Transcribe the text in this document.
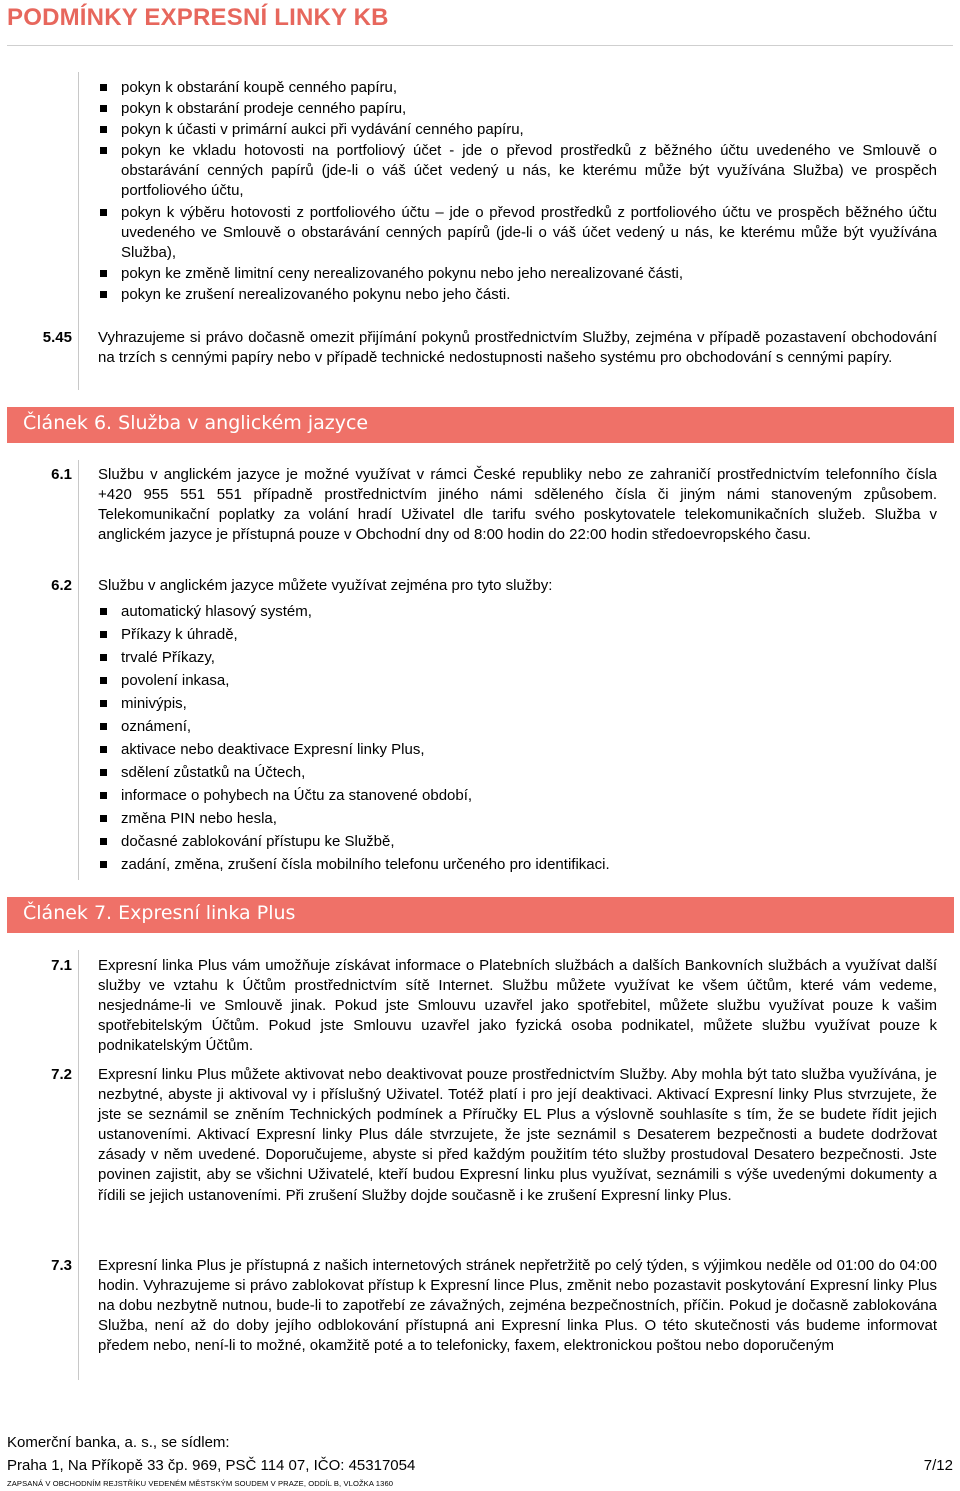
PODMÍNKY EXPRESNÍ LINKY KB
pokyn k obstarání koupě cenného papíru,
pokyn k obstarání prodeje cenného papíru,
pokyn k účasti v primární aukci při vydávání cenného papíru,
pokyn ke vkladu hotovosti na portfoliový účet - jde o převod prostředků z běžného účtu uvedeného ve Smlouvě o obstarávání cenných papírů (jde-li o váš účet vedený u nás, ke kterému může být využívána Služba) ve prospěch portfoliového účtu,
pokyn k výběru hotovosti z portfoliového účtu – jde o převod prostředků z portfoliového účtu ve prospěch běžného účtu uvedeného ve Smlouvě o obstarávání cenných papírů (jde-li o váš účet vedený u nás, ke kterému může být využívána Služba),
pokyn ke změně limitní ceny nerealizovaného pokynu nebo jeho nerealizované části,
pokyn ke zrušení nerealizovaného pokynu nebo jeho části.
5.45 Vyhrazujeme si právo dočasně omezit přijímání pokynů prostřednictvím Služby, zejména v případě pozastavení obchodování na trzích s cennými papíry nebo v případě technické nedostupnosti našeho systému pro obchodování s cennými papíry.
Článek 6. Služba v anglickém jazyce
6.1 Službu v anglickém jazyce je možné využívat v rámci České republiky nebo ze zahraničí prostřednictvím telefonního čísla +420 955 551 551 případně prostřednictvím jiného námi sděleného čísla či jiným námi stanoveným způsobem. Telekomunikační poplatky za volání hradí Uživatel dle tarifu svého poskytovatele telekomunikačních služeb. Služba v anglickém jazyce je přístupná pouze v Obchodní dny od 8:00 hodin do 22:00 hodin středoevropského času.
6.2 Službu v anglickém jazyce můžete využívat zejména pro tyto služby:
automatický hlasový systém,
Příkazy k úhradě,
trvalé Příkazy,
povolení inkasa,
minivýpis,
oznámení,
aktivace nebo deaktivace Expresní linky Plus,
sdělení zůstatků na Účtech,
informace o pohybech na Účtu za stanovené období,
změna PIN nebo hesla,
dočasné zablokování přístupu ke Službě,
zadání, změna, zrušení čísla mobilního telefonu určeného pro identifikaci.
Článek 7. Expresní linka Plus
7.1 Expresní linka Plus vám umožňuje získávat informace o Platebních službách a dalších Bankovních službách a využívat další služby ve vztahu k Účtům prostřednictvím sítě Internet. Službu můžete využívat ke všem účtům, které vám vedeme, nesjednáme-li ve Smlouvě jinak. Pokud jste Smlouvu uzavřel jako spotřebitel, můžete službu využívat pouze k vašim spotřebitelským Účtům. Pokud jste Smlouvu uzavřel jako fyzická osoba podnikatel, můžete službu využívat pouze k podnikatelským Účtům.
7.2 Expresní linku Plus můžete aktivovat nebo deaktivovat pouze prostřednictvím Služby. Aby mohla být tato služba využívána, je nezbytné, abyste ji aktivoval vy i příslušný Uživatel. Totéž platí i pro její deaktivaci. Aktivací Expresní linky Plus stvrzujete, že jste se seznámil se zněním Technických podmínek a Příručky EL Plus a výslovně souhlasíte s tím, že se budete řídit jejich ustanoveními. Aktivací Expresní linky Plus dále stvrzujete, že jste seznámil s Desaterem bezpečnosti a budete dodržovat zásady v něm uvedené. Doporučujeme, abyste si před každým použitím této služby prostudoval Desatero bezpečnosti. Jste povinen zajistit, aby se všichni Uživatelé, kteří budou Expresní linku plus využívat, seznámili s výše uvedenými dokumenty a řídili se jejich ustanoveními. Při zrušení Služby dojde současně i ke zrušení Expresní linky Plus.
7.3 Expresní linka Plus je přístupná z našich internetových stránek nepřetržitě po celý týden, s výjimkou neděle od 01:00 do 04:00 hodin. Vyhrazujeme si právo zablokovat přístup k Expresní lince Plus, změnit nebo pozastavit poskytování Expresní linky Plus na dobu nezbytně nutnou, bude-li to zapotřebí ze závažných, zejména bezpečnostních, příčin. Pokud je dočasně zablokována Služba, není až do doby jejího odblokování přístupná ani Expresní linka Plus. O této skutečnosti vás budeme informovat předem nebo, není-li to možné, okamžitě poté a to telefonicky, faxem, elektronickou poštou nebo doporučeným
Komerční banka, a. s., se sídlem:
Praha 1, Na Příkopě 33 čp. 969, PSČ 114 07, IČO: 45317054
ZAPSANÁ V OBCHODNÍM REJSTŘÍKU VEDENÉM MĚSTSKÝM SOUDEM V PRAZE, ODDÍL B, VLOŽKA 1360
7/12
